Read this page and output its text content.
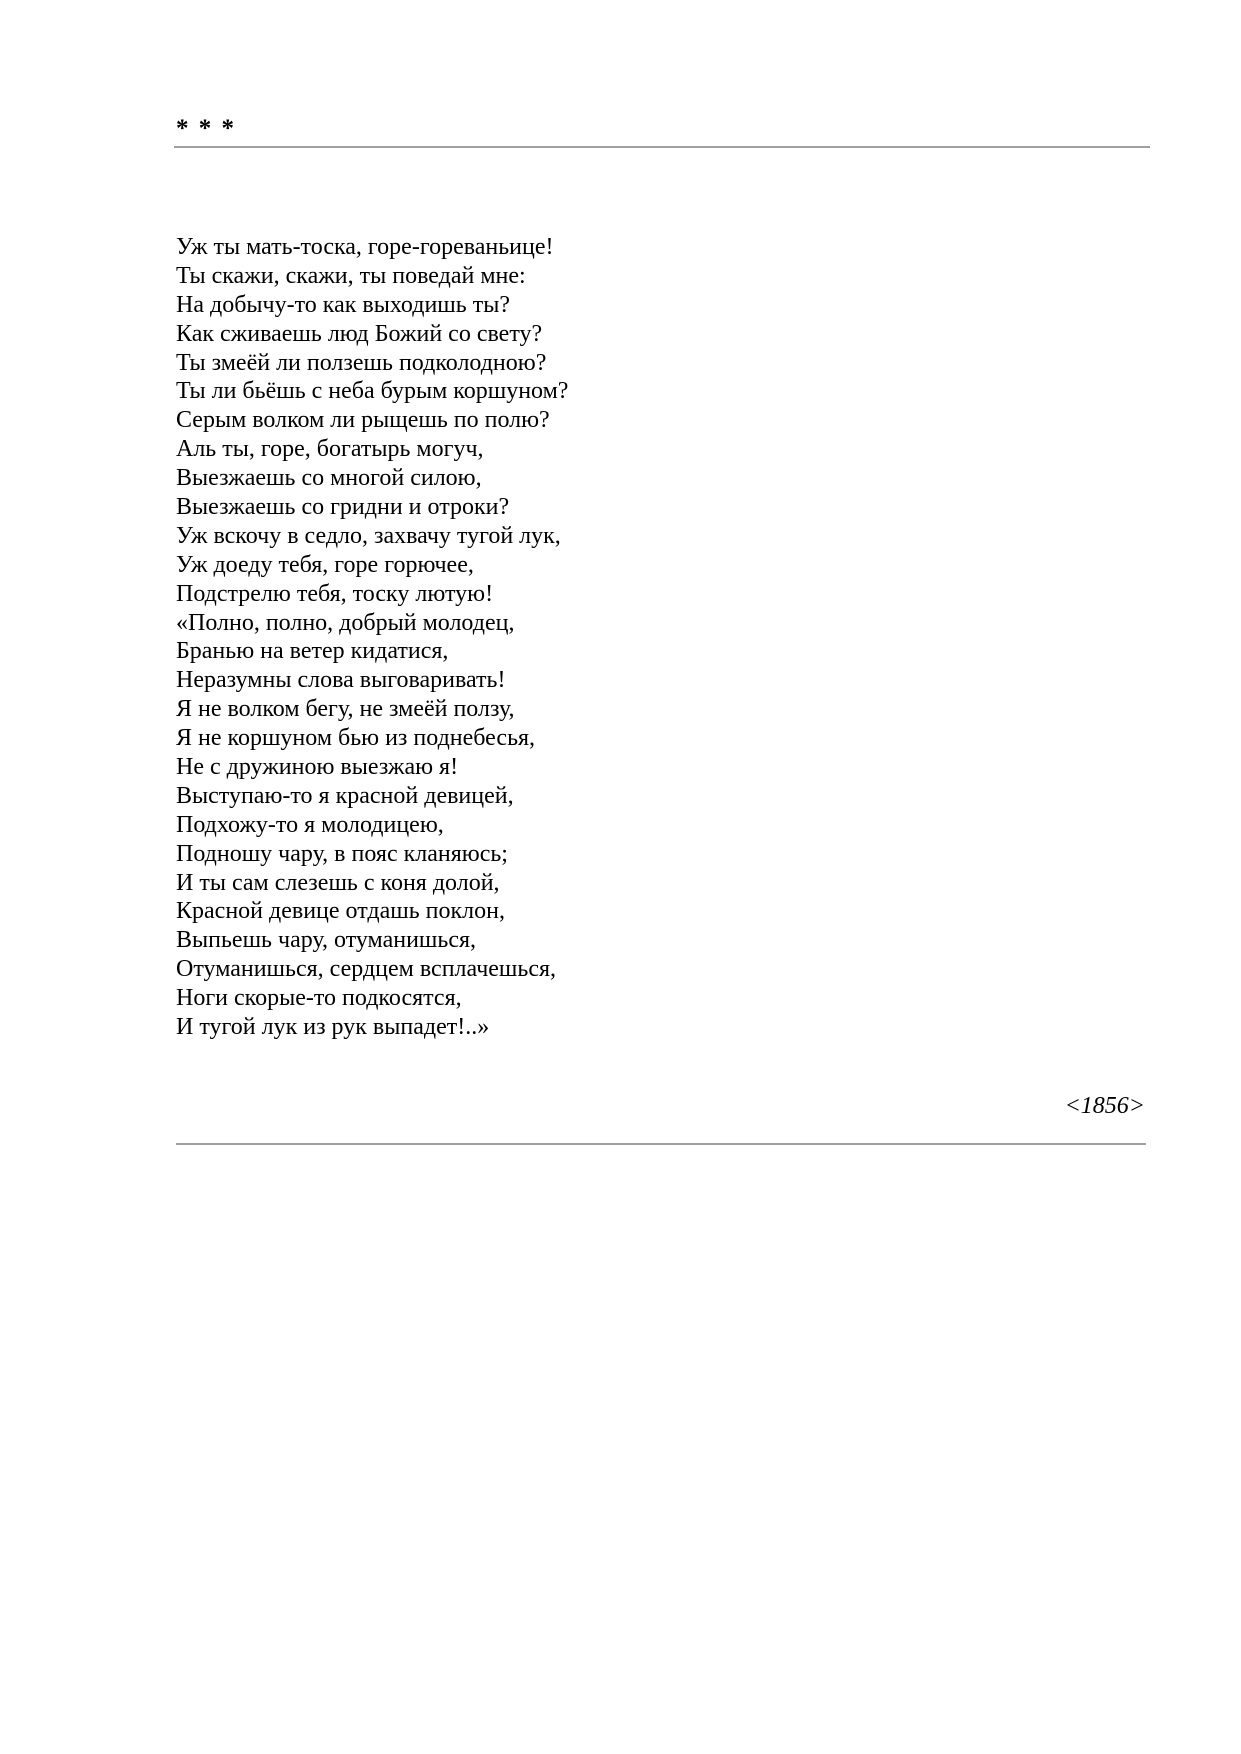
* * *
Уж ты мать-тоска, горе-гореваньице!
Ты скажи, скажи, ты поведай мне:
На добычу-то как выходишь ты?
Как сживаешь люд Божий со свету?
Ты змеёй ли ползешь подколодною?
Ты ли бьёшь с неба бурым коршуном?
Серым волком ли рыщешь по полю?
Аль ты, горе, богатырь могуч,
Выезжаешь со многой силою,
Выезжаешь со гридни и отроки?
Уж вскочу в седло, захвачу тугой лук,
Уж доеду тебя, горе горючее,
Подстрелю тебя, тоску лютую!
«Полно, полно, добрый молодец,
Бранью на ветер кидатися,
Неразумны слова выговаривать!
Я не волком бегу, не змеёй ползу,
Я не коршуном бью из поднебесья,
Не с дружиною выезжаю я!
Выступаю-то я красной девицей,
Подхожу-то я молодицею,
Подношу чару, в пояс кланяюсь;
И ты сам слезешь с коня долой,
Красной девице отдашь поклон,
Выпьешь чару, отуманишься,
Отуманишься, сердцем всплачешься,
Ноги скорые-то подкосятся,
И тугой лук из рук выпадет!..»
<1856>
